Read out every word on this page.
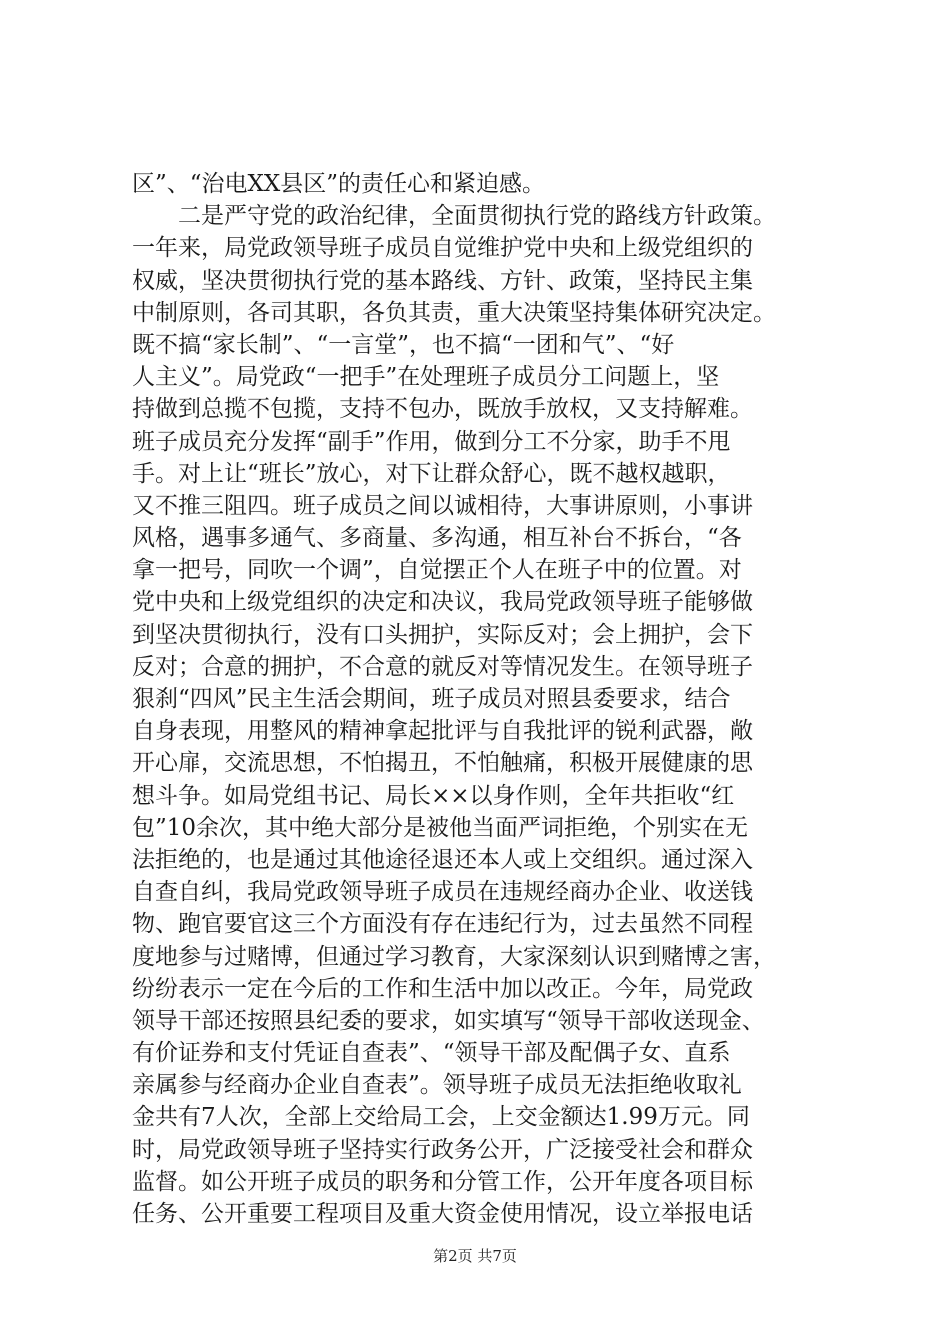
区”、“治电XX县区”的责任心和紧迫感。
二是严守党的政治纪律，全面贯彻执行党的路线方针政策。
一年来，局党政领导班子成员自觉维护党中央和上级党组织的
权威，坚决贯彻执行党的基本路线、方针、政策，坚持民主集
中制原则，各司其职，各负其责，重大决策坚持集体研究决定。
既不搞“家长制”、“一言堂”，也不搞“一团和气”、“好
人主义”。局党政“一把手”在处理班子成员分工问题上，坚
持做到总揽不包揽，支持不包办，既放手放权，又支持解难。
班子成员充分发挥“副手”作用，做到分工不分家，助手不甩
手。对上让“班长”放心，对下让群众舒心，既不越权越职，
又不推三阻四。班子成员之间以诚相待，大事讲原则，小事讲
风格，遇事多通气、多商量、多沟通，相互补台不拆台，“各
拿一把号，同吹一个调”，自觉摆正个人在班子中的位置。对
党中央和上级党组织的决定和决议，我局党政领导班子能够做
到坚决贯彻执行，没有口头拥护，实际反对；会上拥护，会下
反对；合意的拥护，不合意的就反对等情况发生。在领导班子
狠刹“四风”民主生活会期间，班子成员对照县委要求，结合
自身表现，用整风的精神拿起批评与自我批评的锐利武器，敞
开心扉，交流思想，不怕揭丑，不怕触痛，积极开展健康的思
想斗争。如局党组书记、局长××以身作则，全年共拒收“红
包”10余次，其中绝大部分是被他当面严词拒绝，个别实在无
法拒绝的，也是通过其他途径退还本人或上交组织。通过深入
自查自纠，我局党政领导班子成员在违规经商办企业、收送钱
物、跑官要官这三个方面没有存在违纪行为，过去虽然不同程
度地参与过赌博，但通过学习教育，大家深刻认识到赌博之害，
纷纷表示一定在今后的工作和生活中加以改正。今年，局党政
领导干部还按照县纪委的要求，如实填写“领导干部收送现金、
有价证券和支付凭证自查表”、“领导干部及配偶子女、直系
亲属参与经商办企业自查表”。领导班子成员无法拒绝收取礼
金共有7人次，全部上交给局工会，上交金额达1.99万元。同
时，局党政领导班子坚持实行政务公开，广泛接受社会和群众
监督。如公开班子成员的职务和分管工作，公开年度各项目标
任务、公开重要工程项目及重大资金使用情况，设立举报电话
第2页 共7页
